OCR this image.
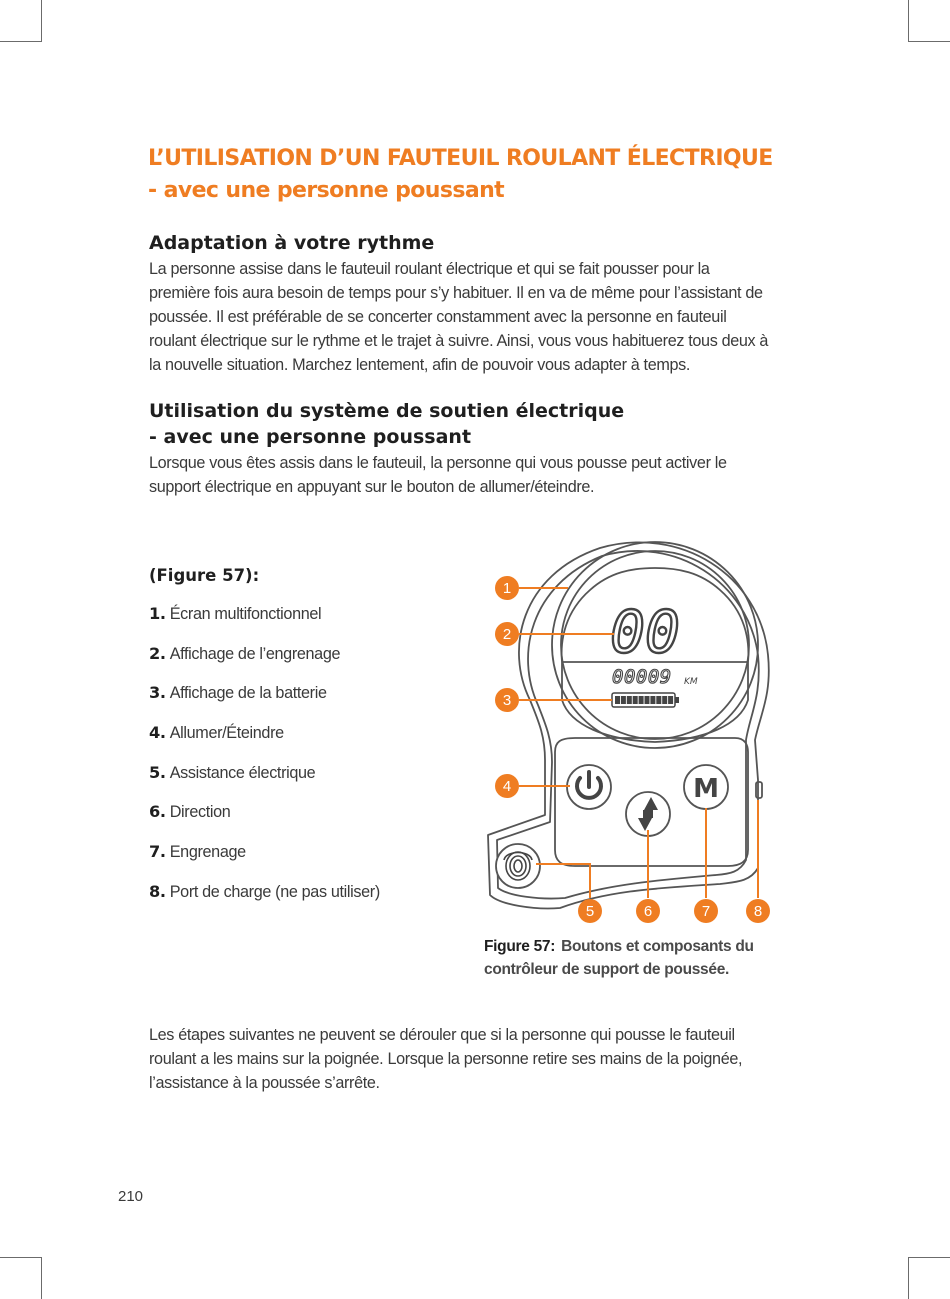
L’UTILISATION D’UN FAUTEUIL ROULANT ÉLECTRIQUE
- avec une personne poussant
Adaptation à votre rythme

La personne assise dans le fauteuil roulant électrique et qui se fait pousser pour la première fois aura besoin de temps pour s’y habituer. Il en va de même pour l’assistant de poussée. Il est préférable de se concerter constamment avec la personne en fauteuil roulant électrique sur le rythme et le trajet à suivre. Ainsi, vous vous habituerez tous deux à la nouvelle situation. Marchez lentement, afin de pouvoir vous adapter à temps.

Utilisation du système de soutien électrique
- avec une personne poussant

Lorsque vous êtes assis dans le fauteuil, la personne qui vous pousse peut activer le support électrique en appuyant sur le bouton de allumer/éteindre.

(Figure 57):

1. Écran multifonctionnel
2. Affichage de l’engrenage
3. Affichage de la batterie
4. Allumer/Éteindre
5. Assistance électrique
6. Direction
7. Engrenage
8. Port de charge (ne pas utiliser)
00
00009 KM
M
1
2
3
4
5	6	7	8

Figure 57: Boutons et composants du contrôleur de support de poussée.

Les étapes suivantes ne peuvent se dérouler que si la personne qui pousse le fauteuil roulant a les mains sur la poignée. Lorsque la personne retire ses mains de la poignée, l’assistance à la poussée s’arrête.

210
